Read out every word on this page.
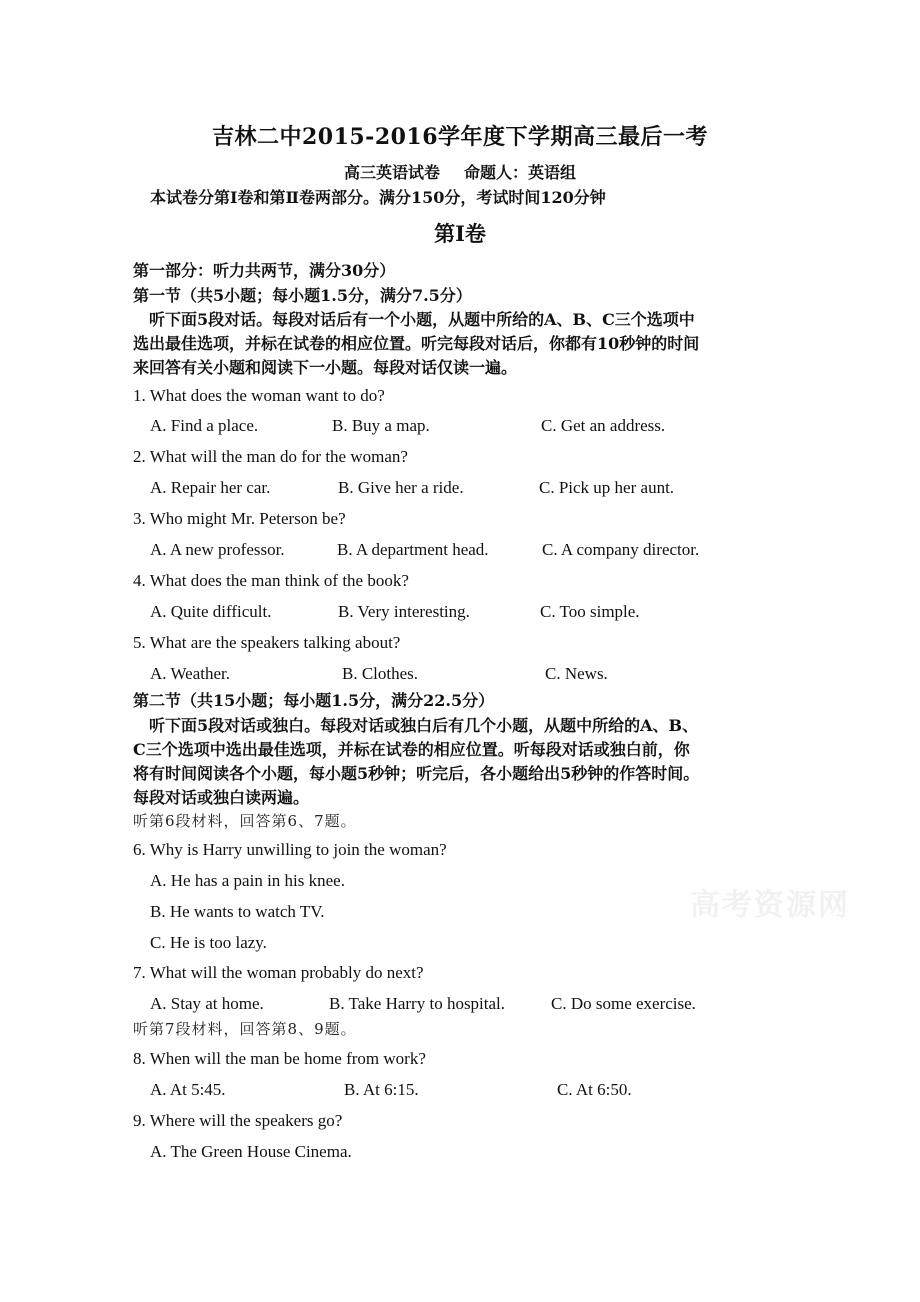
吉林二中2015-2016学年度下学期高三最后一考
高三英语试卷 命题人：英语组
本试卷分第Ⅰ卷和第Ⅱ卷两部分。满分150分，考试时间120分钟
第Ⅰ卷
第一部分：听力共两节，满分30分）
第一节（共5小题；每小题1.5分，满分7.5分）
　听下面5段对话。每段对话后有一个小题，从题中所给的A、B、C三个选项中
选出最佳选项，并标在试卷的相应位置。听完每段对话后，你都有10秒钟的时间
来回答有关小题和阅读下一小题。每段对话仅读一遍。
1. What does the woman want to do?
A. Find a place.	B. Buy a map.	C. Get an address.
2. What will the man do for the woman?
A. Repair her car.	B. Give her a ride.	C. Pick up her aunt.
3. Who might Mr. Peterson be?
A. A new professor.	B. A department head.	C. A company director.
4. What does the man think of the book?
A. Quite difficult.	B. Very interesting.	C. Too simple.
5. What are the speakers talking about?
A. Weather.	B. Clothes.	C. News.
第二节（共15小题；每小题1.5分，满分22.5分）
　听下面5段对话或独白。每段对话或独白后有几个小题，从题中所给的A、B、
C三个选项中选出最佳选项，并标在试卷的相应位置。听每段对话或独白前，你
将有时间阅读各个小题，每小题5秒钟；听完后，各小题给出5秒钟的作答时间。
每段对话或独白读两遍。
听第6段材料，回答第6、7题。
6. Why is Harry unwilling to join the woman?
A. He has a pain in his knee.
B. He wants to watch TV.
C. He is too lazy.
7. What will the woman probably do next?
A. Stay at home.	B. Take Harry to hospital.	C. Do some exercise.
听第7段材料，回答第8、9题。
8. When will the man be home from work?
A. At 5:45.	B. At 6:15.	C. At 6:50.
9. Where will the speakers go?
A. The Green House Cinema.
高考资源网
